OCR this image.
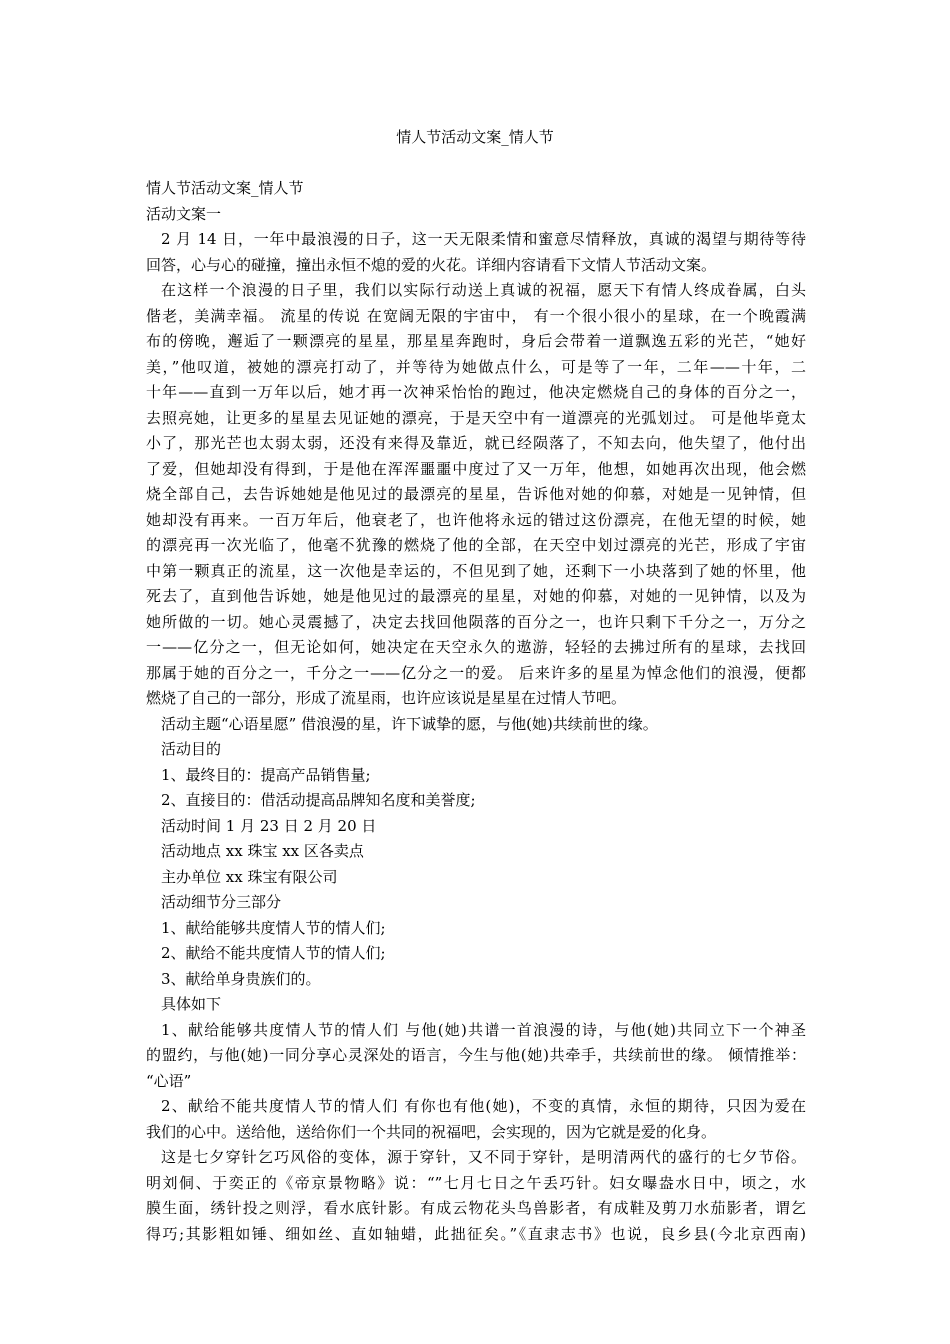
情人节活动文案_情人节
情人节活动文案_情人节
活动文案一
2 月 14 日，一年中最浪漫的日子，这一天无限柔情和蜜意尽情释放，真诚的渴望与期待等待
回答，心与心的碰撞，撞出永恒不熄的爱的火花。详细内容请看下文情人节活动文案。
在这样一个浪漫的日子里，我们以实际行动送上真诚的祝福，愿天下有情人终成眷属，白头
偕老，美满幸福。 流星的传说 在宽阔无限的宇宙中， 有一个很小很小的星球，在一个晚霞满
布的傍晚，邂逅了一颗漂亮的星星，那星星奔跑时，身后会带着一道飘逸五彩的光芒，“她好
美，”他叹道，被她的漂亮打动了，并等待为她做点什么，可是等了一年，二年——十年，二
十年——直到一万年以后，她才再一次神采怡怡的跑过，他决定燃烧自己的身体的百分之一，
去照亮她，让更多的星星去见证她的漂亮，于是天空中有一道漂亮的光弧划过。 可是他毕竟太
小了，那光芒也太弱太弱，还没有来得及靠近，就已经陨落了，不知去向，他失望了，他付出
了爱，但她却没有得到，于是他在浑浑噩噩中度过了又一万年，他想，如她再次出现，他会燃
烧全部自己，去告诉她她是他见过的最漂亮的星星，告诉他对她的仰慕，对她是一见钟情，但
她却没有再来。一百万年后，他衰老了，也许他将永远的错过这份漂亮，在他无望的时候，她
的漂亮再一次光临了，他毫不犹豫的燃烧了他的全部，在天空中划过漂亮的光芒，形成了宇宙
中第一颗真正的流星，这一次他是幸运的，不但见到了她，还剩下一小块落到了她的怀里，他
死去了，直到他告诉她，她是他见过的最漂亮的星星，对她的仰慕，对她的一见钟情，以及为
她所做的一切。她心灵震撼了，决定去找回他陨落的百分之一，也许只剩下千分之一，万分之
一——亿分之一，但无论如何，她决定在天空永久的遨游，轻轻的去拂过所有的星球，去找回
那属于她的百分之一，千分之一——亿分之一的爱。 后来许多的星星为悼念他们的浪漫，便都
燃烧了自己的一部分，形成了流星雨，也许应该说是星星在过情人节吧。
活动主题“心语星愿” 借浪漫的星，许下诚挚的愿，与他(她)共续前世的缘。
活动目的
1、最终目的：提高产品销售量;
2、直接目的：借活动提高品牌知名度和美誉度;
活动时间 1 月 23 日 2 月 20 日
活动地点 xx 珠宝 xx 区各卖点
主办单位 xx 珠宝有限公司
活动细节分三部分
1、献给能够共度情人节的情人们;
2、献给不能共度情人节的情人们;
3、献给单身贵族们的。
具体如下
1、献给能够共度情人节的情人们 与他(她)共谱一首浪漫的诗，与他(她)共同立下一个神圣
的盟约，与他(她)一同分享心灵深处的语言，今生与他(她)共牵手，共续前世的缘。 倾情推举：
“心语”
2、献给不能共度情人节的情人们 有你也有他(她)，不变的真情，永恒的期待，只因为爱在
我们的心中。送给他，送给你们一个共同的祝福吧，会实现的，因为它就是爱的化身。
这是七夕穿针乞巧风俗的变体，源于穿针，又不同于穿针，是明清两代的盛行的七夕节俗。
明刘侗、于奕正的《帝京景物略》说：“”七月七日之午丢巧针。妇女曝盎水日中，顷之，水
膜生面，绣针投之则浮，看水底针影。有成云物花头鸟兽影者，有成鞋及剪刀水茄影者，谓乞
得巧;其影粗如锤、细如丝、直如轴蜡，此拙征矣。”《直隶志书》也说，良乡县(今北京西南)
